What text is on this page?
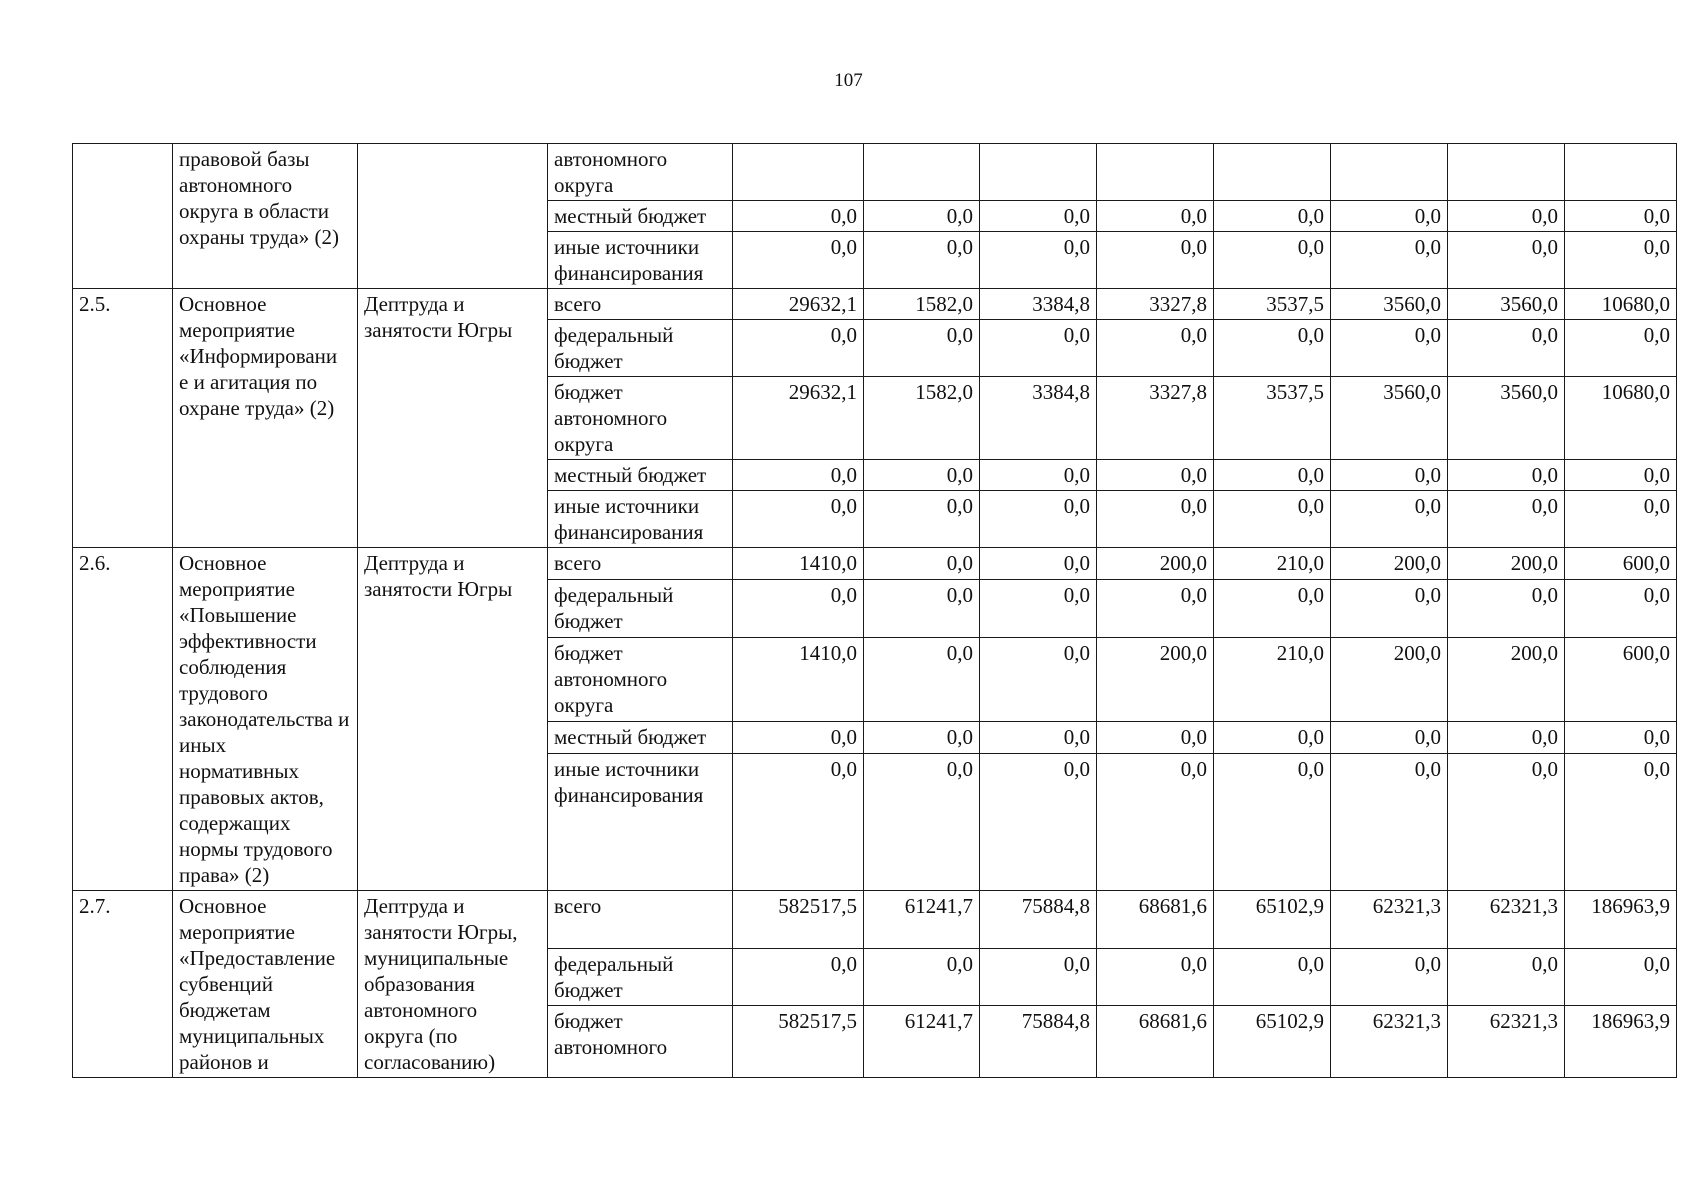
107
	правовой базы автономного округа в области охраны труда» (2)		автономного округа								
			местный бюджет	0,0	0,0	0,0	0,0	0,0	0,0	0,0	0,0
			иные источники финансирования	0,0	0,0	0,0	0,0	0,0	0,0	0,0	0,0
2.5.	Основное мероприятие «Информировани е и агитация по охране труда» (2)	Дептруда и занятости Югры	всего	29632,1	1582,0	3384,8	3327,8	3537,5	3560,0	3560,0	10680,0
			федеральный бюджет	0,0	0,0	0,0	0,0	0,0	0,0	0,0	0,0
			бюджет автономного округа	29632,1	1582,0	3384,8	3327,8	3537,5	3560,0	3560,0	10680,0
			местный бюджет	0,0	0,0	0,0	0,0	0,0	0,0	0,0	0,0
			иные источники финансирования	0,0	0,0	0,0	0,0	0,0	0,0	0,0	0,0
2.6.	Основное мероприятие «Повышение эффективности соблюдения трудового законодательства и иных нормативных правовых актов, содержащих нормы трудового права» (2)	Дептруда и занятости Югры	всего	1410,0	0,0	0,0	200,0	210,0	200,0	200,0	600,0
			федеральный бюджет	0,0	0,0	0,0	0,0	0,0	0,0	0,0	0,0
			бюджет автономного округа	1410,0	0,0	0,0	200,0	210,0	200,0	200,0	600,0
			местный бюджет	0,0	0,0	0,0	0,0	0,0	0,0	0,0	0,0
			иные источники финансирования	0,0	0,0	0,0	0,0	0,0	0,0	0,0	0,0
2.7.	Основное мероприятие «Предоставление субвенций бюджетам муниципальных районов и	Дептруда и занятости Югры, муниципальные образования автономного округа (по согласованию)	всего	582517,5	61241,7	75884,8	68681,6	65102,9	62321,3	62321,3	186963,9
			федеральный бюджет	0,0	0,0	0,0	0,0	0,0	0,0	0,0	0,0
			бюджет автономного	582517,5	61241,7	75884,8	68681,6	65102,9	62321,3	62321,3	186963,9
